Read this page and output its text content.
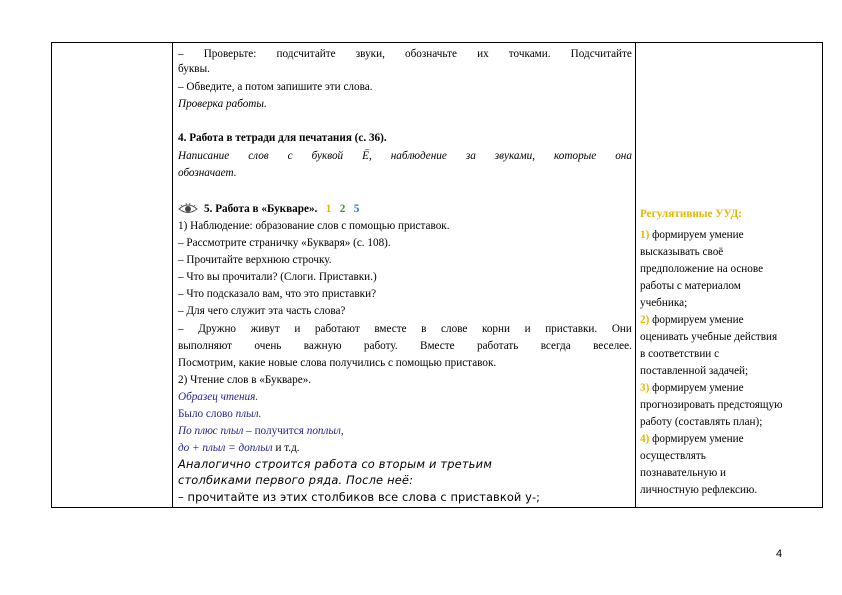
– Проверьте: подсчитайте звуки, обозначьте их точками. Подсчитайте
буквы.
– Обведите, а потом запишите эти слова.
Проверка работы.
4. Работа в тетради для печатания (с. 36).
Написание слов с буквой Ё, наблюдение за звуками, которые она
обозначает.
5. Работа в «Букваре». 1 2 5
1) Наблюдение: образование слов с помощью приставок.
– Рассмотрите страничку «Букваря» (с. 108).
– Прочитайте верхнюю строчку.
– Что вы прочитали? (Слоги. Приставки.)
– Что подсказало вам, что это приставки?
– Для чего служит эта часть слова?
– Дружно живут и работают вместе в слове корни и приставки. Они
выполняют очень важную работу. Вместе работать всегда веселее.
Посмотрим, какие новые слова получились с помощью приставок.
2) Чтение слов в «Букваре».
Образец чтения.
Было слово плыл.
По плюс плыл – получится поплыл,
до + плыл = доплыл и т.д.
Аналогично строится работа со вторым и третьим
столбиками первого ряда. После неё:
– прочитайте из этих столбиков все слова с приставкой у-;
Регулятивные УУД:
1) формируем умение
высказывать своё
предположение на основе
работы с материалом
учебника;
2) формируем умение
оценивать учебные действия
в соответствии с
поставленной задачей;
3) формируем умение
прогнозировать предстоящую
работу (составлять план);
4) формируем умение
осуществлять
познавательную и
личностную рефлексию.
4
